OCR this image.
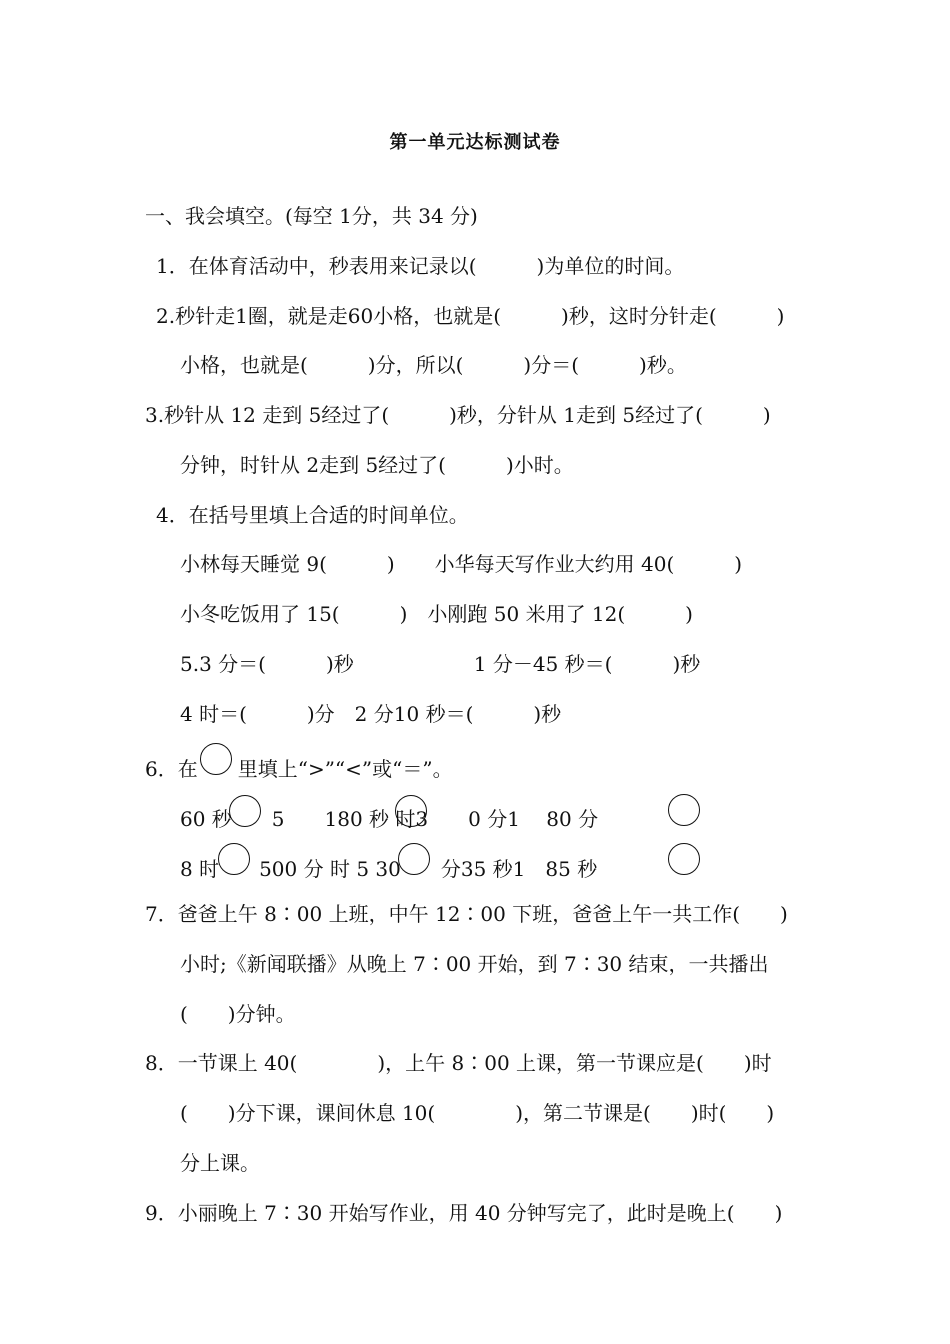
第一单元达标测试卷
一、我会填空。(每空 1分，共 34 分)
1．在体育活动中，秒表用来记录以(　　　)为单位的时间。
2.秒针走1圈，就是走60小格，也就是(　　　)秒，这时分针走(　　　)
小格，也就是(　　　)分，所以(　　　)分＝(　　　)秒。
3.秒针从 12 走到 5经过了(　　　)秒，分针从 1走到 5经过了(　　　)
分钟，时针从 2走到 5经过了(　　　)小时。
4．在括号里填上合适的时间单位。
小林每天睡觉 9(　　　)　　小华每天写作业大约用 40(　　　)
小冬吃饭用了 15(　　　)　小刚跑 50 米用了 12(　　　)
5.3 分＝(　　　)秒　　　　　　1 分－45 秒＝(　　　)秒
4 时＝(　　　)分　2 分10 秒＝(　　　)秒
6．在　　里填上“>”“<”或“＝”。
60 秒　　5　　180 秒 时3　　0 分1　 80 分
8 时　　500 分 时 5 30　　分35 秒1　85 秒
7．爸爸上午 8∶00 上班，中午 12∶00 下班，爸爸上午一共工作(　　)
小时;《新闻联播》从晚上 7∶00 开始，到 7∶30 结束，一共播出
(　　)分钟。
8．一节课上 40(　　　　)，上午 8∶00 上课，第一节课应是(　　)时
(　　)分下课，课间休息 10(　　　　)，第二节课是(　　)时(　　)
分上课。
9．小丽晚上 7∶30 开始写作业，用 40 分钟写完了，此时是晚上(　　)
